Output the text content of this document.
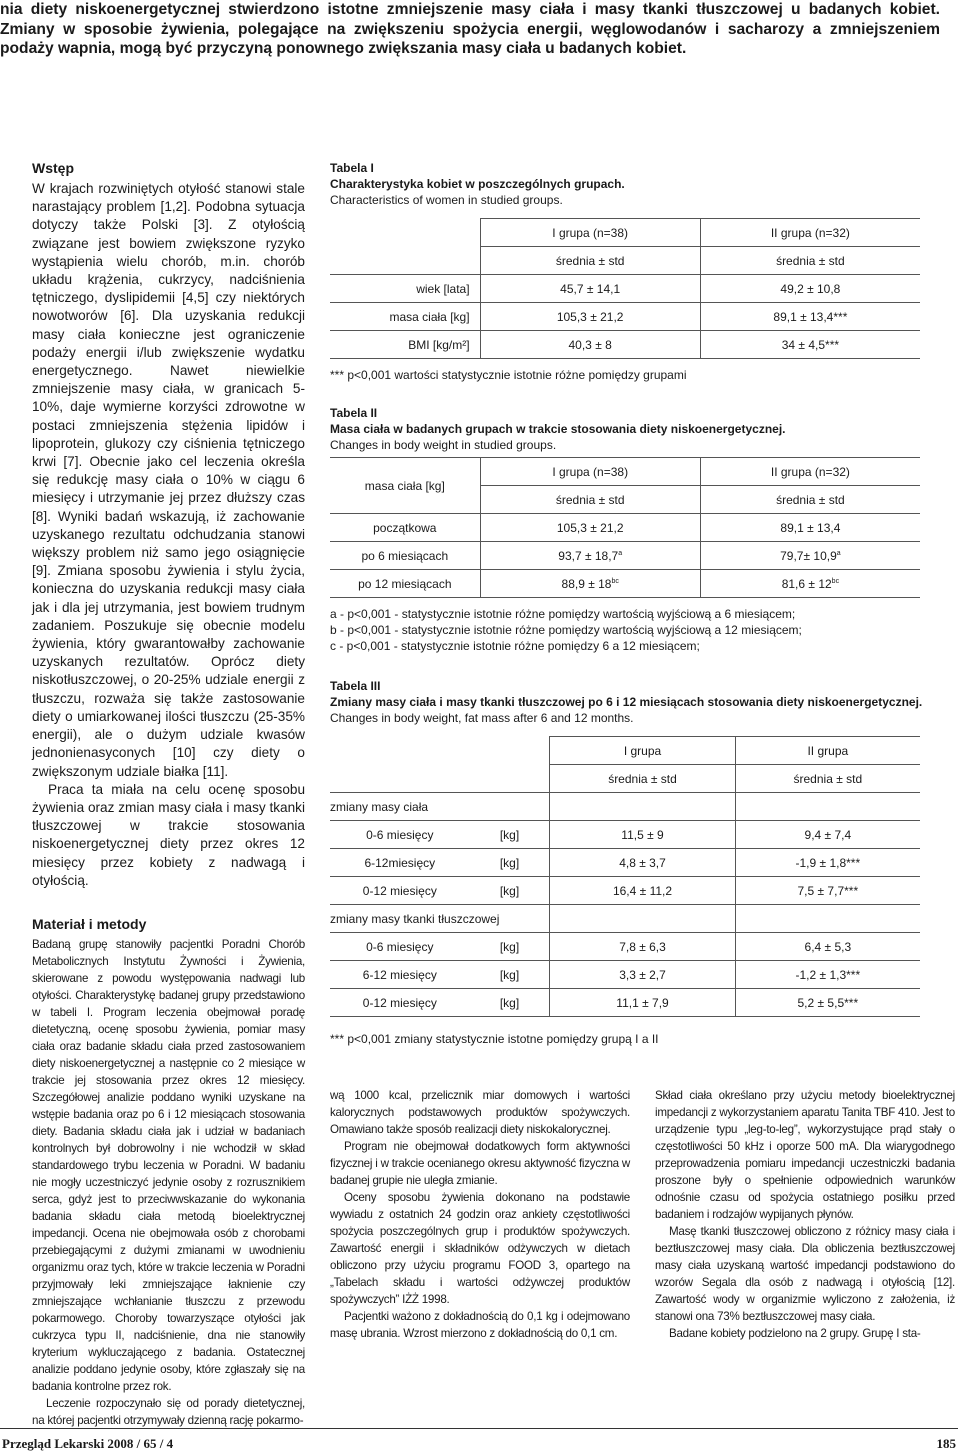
nia diety niskoenergetycznej stwierdzono istotne zmniejszenie masy ciała i masy tkanki tłuszczowej u badanych kobiet. Zmiany w sposobie żywienia, polegające na zwiększeniu spożycia energii, węglowodanów i sacharozy a zmniejszeniem podaży wapnia, mogą być przyczyną ponownego zwiększania masy ciała u badanych kobiet.
Wstęp

W krajach rozwiniętych otyłość stanowi stale narastający problem [1,2]. Podobna sytuacja dotyczy także Polski [3]. Z otyłością związane jest bowiem zwiększone ryzyko wystąpienia wielu chorób, m.in. chorób układu krążenia, cukrzycy, nadciśnienia tętniczego, dyslipidemii [4,5] czy niektórych nowotworów [6]. Dla uzyskania redukcji masy ciała konieczne jest ograniczenie podaży energii i/lub zwiększenie wydatku energetycznego. Nawet niewielkie zmniejszenie masy ciała, w granicach 5-10%, daje wymierne korzyści zdrowotne w postaci zmniejszenia stężenia lipidów i lipoprotein, glukozy czy ciśnienia tętniczego krwi [7]. Obecnie jako cel leczenia określa się redukcję masy ciała o 10% w ciągu 6 miesięcy i utrzymanie jej przez dłuższy czas [8]. Wyniki badań wskazują, iż zachowanie uzyskanego rezultatu odchudzania stanowi większy problem niż samo jego osiągnięcie [9]. Zmiana sposobu żywienia i stylu życia, konieczna do uzyskania redukcji masy ciała jak i dla jej utrzymania, jest bowiem trudnym zadaniem. Poszukuje się obecnie modelu żywienia, który gwarantowałby zachowanie uzyskanych rezultatów. Oprócz diety niskotłuszczowej, o 20-25% udziale energii z tłuszczu, rozważa się także zastosowanie diety o umiarkowanej ilości tłuszczu (25-35% energii), ale o dużym udziale kwasów jednonienasyconych [10] czy diety o zwiększonym udziale białka [11].

Praca ta miała na celu ocenę sposobu żywienia oraz zmian masy ciała i masy tkanki tłuszczowej w trakcie stosowania niskoenergetycznej diety przez okres 12 miesięcy przez kobiety z nadwagą i otyłością.

Materiał i metody

Badaną grupę stanowiły pacjentki Poradni Chorób Metabolicznych Instytutu Żywności i Żywienia, skierowane z powodu występowania nadwagi lub otyłości. Charakterystykę badanej grupy przedstawiono w tabeli I. Program leczenia obejmował poradę dietetyczną, ocenę sposobu żywienia, pomiar masy ciała oraz badanie składu ciała przed zastosowaniem diety niskoenergetycznej a następnie co 2 miesiące w trakcie jej stosowania przez okres 12 miesięcy. Szczegółowej analizie poddano wyniki uzyskane na wstępie badania oraz po 6 i 12 miesiącach stosowania diety. Badania składu ciała jak i udział w badaniach kontrolnych był dobrowolny i nie wchodził w skład standardowego trybu leczenia w Poradni. W badaniu nie mogły uczestniczyć jedynie osoby z rozrusznikiem serca, gdyż jest to przeciwwskazanie do wykonania badania składu ciała metodą bioelektrycznej impedancji. Ocena nie obejmowała osób z chorobami przebiegającymi z dużymi zmianami w uwodnieniu organizmu oraz tych, które w trakcie leczenia w Poradni przyjmowały leki zmniejszające łaknienie czy zmniejszające wchłanianie tłuszczu z przewodu pokarmowego. Choroby towarzyszące otyłości jak cukrzyca typu II, nadciśnienie, dna nie stanowiły kryterium wykluczającego z badania. Ostatecznej analizie poddano jedynie osoby, które zgłaszały się na badania kontrolne przez rok.

Leczenie rozpoczynało się od porady dietetycznej, na której pacjentki otrzymywały dzienną rację pokarmo-

Tabela I

Charakterystyka kobiet w poszczególnych grupach.

Characteristics of women in studied groups.

	I grupa (n=38)	II grupa (n=32)
	średnia ± std	średnia ± std
wiek [lata]	45,7 ± 14,1	49,2 ± 10,8
masa ciała [kg]	105,3 ± 21,2	89,1 ± 13,4***
BMI [kg/m²]	40,3 ± 8	34 ± 4,5***

*** p<0,001 wartości statystycznie istotnie różne pomiędzy grupami

Tabela II

Masa ciała w badanych grupach w trakcie stosowania diety niskoenergetycznej.

Changes in body weight in studied groups.

masa ciała [kg]	I grupa (n=38)	II grupa (n=32)
	średnia ± std	średnia ± std
początkowa	105,3 ± 21,2	89,1 ± 13,4
po 6 miesiącach	93,7 ± 18,7$^a$	79,7± 10,9$^a$
po 12 miesiącach	$88,9 \pm 18^{bc}$	$81,6 \pm 12^{bc}$
a - p<0,001 - statystycznie istotnie różne pomiędzy wartością wyjściową a 6 miesiącem;
b - p<0,001 - statystycznie istotnie różne pomiędzy wartością wyjściową a 12 miesiącem;
c - p<0,001 - statystycznie istotnie różne pomiędzy 6 a 12 miesiącem;

Tabela III

Zmiany masy ciała i masy tkanki tłuszczowej po 6 i 12 miesiącach stosowania diety niskoenergetycznej.

Changes in body weight, fat mass after 6 and 12 months.

		I grupa	II grupa
		średnia ± std	średnia ± std
zmiany masy ciała			
0-6 miesięcy	[kg]	11,5 ± 9	9,4 ± 7,4
6-12miesięcy	[kg]	4,8 ± 3,7	-1,9 ± 1,8***
0-12 miesięcy	[kg]	16,4 ± 11,2	7,5 ± 7,7***
zmiany masy tkanki tłuszczowej			
0-6 miesięcy	[kg]	7,8 ± 6,3	6,4 ± 5,3
6-12 miesięcy	[kg]	3,3 ± 2,7	-1,2 ± 1,3***
0-12 miesięcy	[kg]	11,1 ± 7,9	5,2 ± 5,5***

*** p<0,001 zmiany statystycznie istotne pomiędzy grupą I a II

wą 1000 kcal, przelicznik miar domowych i wartości kalorycznych podstawowych produktów spożywczych. Omawiano także sposób realizacji diety niskokalorycznej.

Program nie obejmował dodatkowych form aktywności fizycznej i w trakcie ocenianego okresu aktywność fizyczna w badanej grupie nie uległa zmianie.

Oceny sposobu żywienia dokonano na podstawie wywiadu z ostatnich 24 godzin oraz ankiety częstotliwości spożycia poszczególnych grup i produktów spożywczych. Zawartość energii i składników odżywczych w dietach obliczono przy użyciu programu FOOD 3, opartego na „Tabelach składu i wartości odżywczej produktów spożywczych” IŻŻ 1998.

Pacjentki ważono z dokładnością do 0,1 kg i odejmowano masę ubrania. Wzrost mierzono z dokładnością do 0,1 cm.

Skład ciała określano przy użyciu metody bioelektrycznej impedancji z wykorzystaniem aparatu Tanita TBF 410. Jest to urządzenie typu „leg-to-leg”, wykorzystujące prąd stały o częstotliwości 50 kHz i oporze 500 mA. Dla wiarygodnego przeprowadzenia pomiaru impedancji uczestniczki badania proszone były o spełnienie odpowiednich warunków odnośnie czasu od spożycia ostatniego posiłku przed badaniem i rodzajów wypijanych płynów.

Masę tkanki tłuszczowej obliczono z różnicy masy ciała i beztłuszczowej masy ciała. Dla obliczenia beztłuszczowej masy ciała uzyskaną wartość impedancji podstawiono do wzorów Segala dla osób z nadwagą i otyłością [12]. Zawartość wody w organizmie wyliczono z założenia, iż stanowi ona 73% beztłuszczowej masy ciała.

Badane kobiety podzielono na 2 grupy. Grupę I sta-

Przegląd Lekarski 2008 / 65 / 4	185
